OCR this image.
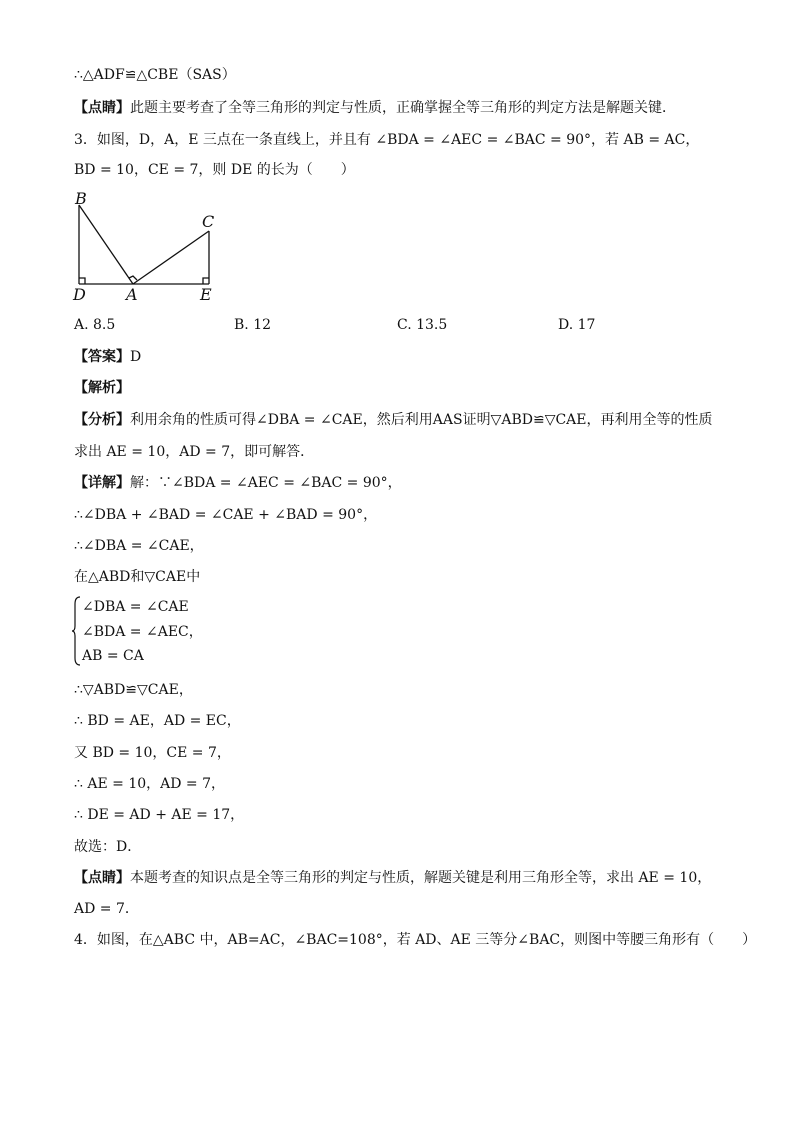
∴△ADF≌△CBE（SAS）
【点睛】此题主要考查了全等三角形的判定与性质，正确掌握全等三角形的判定方法是解题关键．
3．如图，D，A，E 三点在一条直线上，并且有 ∠BDA = ∠AEC = ∠BAC = 90°，若 AB = AC，
BD = 10，CE = 7，则 DE 的长为（　　）
B
C
D	A	E
A. 8.5	B. 12	C. 13.5	D. 17
【答案】D
【解析】
【分析】利用余角的性质可得∠DBA = ∠CAE，然后利用AAS证明▽ABD≌▽CAE，再利用全等的性质
求出 AE = 10，AD = 7，即可解答．
【详解】解：∵∠BDA = ∠AEC = ∠BAC = 90°，
∴∠DBA + ∠BAD = ∠CAE + ∠BAD = 90°，
∴∠DBA = ∠CAE，
在△ABD和▽CAE中
∠DBA = ∠CAE
∠BDA = ∠AEC，
AB = CA
∴▽ABD≌▽CAE，
∴ BD = AE，AD = EC，
又 BD = 10，CE = 7，
∴ AE = 10，AD = 7，
∴ DE = AD + AE = 17，
故选：D．
【点睛】本题考查的知识点是全等三角形的判定与性质，解题关键是利用三角形全等，求出 AE = 10，
AD = 7．
4．如图，在△ABC 中，AB=AC，∠BAC=108°，若 AD、AE 三等分∠BAC，则图中等腰三角形有（　　）
